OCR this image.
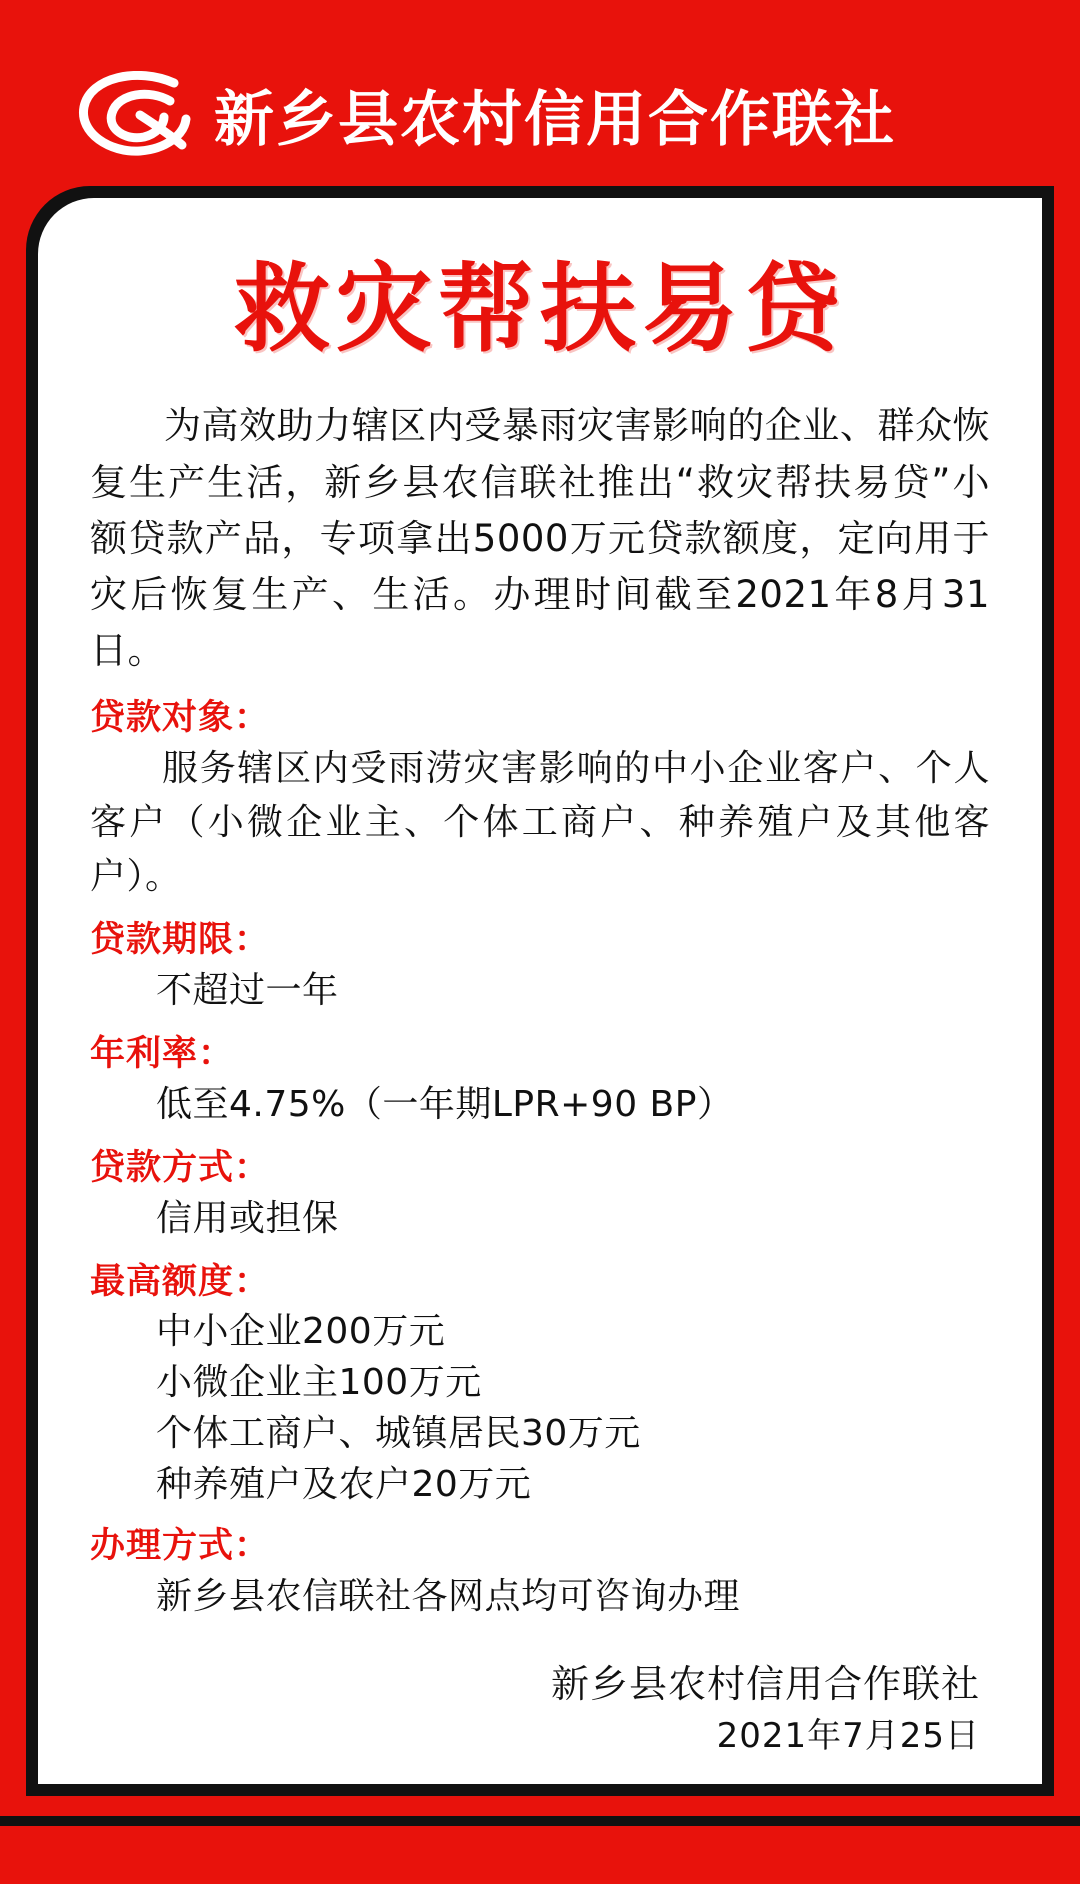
新乡县农村信用合作联社
救灾帮扶易贷

为高效助力辖区内受暴雨灾害影响的企业、群众恢复生产生活，新乡县农信联社推出“救灾帮扶易贷”小额贷款产品，专项拿出5000万元贷款额度，定向用于灾后恢复生产、生活。办理时间截至2021年8月31日。

贷款对象：
服务辖区内受雨涝灾害影响的中小企业客户、个人客户（小微企业主、个体工商户、种养殖户及其他客户）。
贷款期限：
不超过一年
年利率：
低至4.75%（一年期LPR+90 BP）
贷款方式：
信用或担保
最高额度：
中小企业200万元
小微企业主100万元
个体工商户、城镇居民30万元
种养殖户及农户20万元
办理方式：
新乡县农信联社各网点均可咨询办理
新乡县农村信用合作联社
2021年7月25日
